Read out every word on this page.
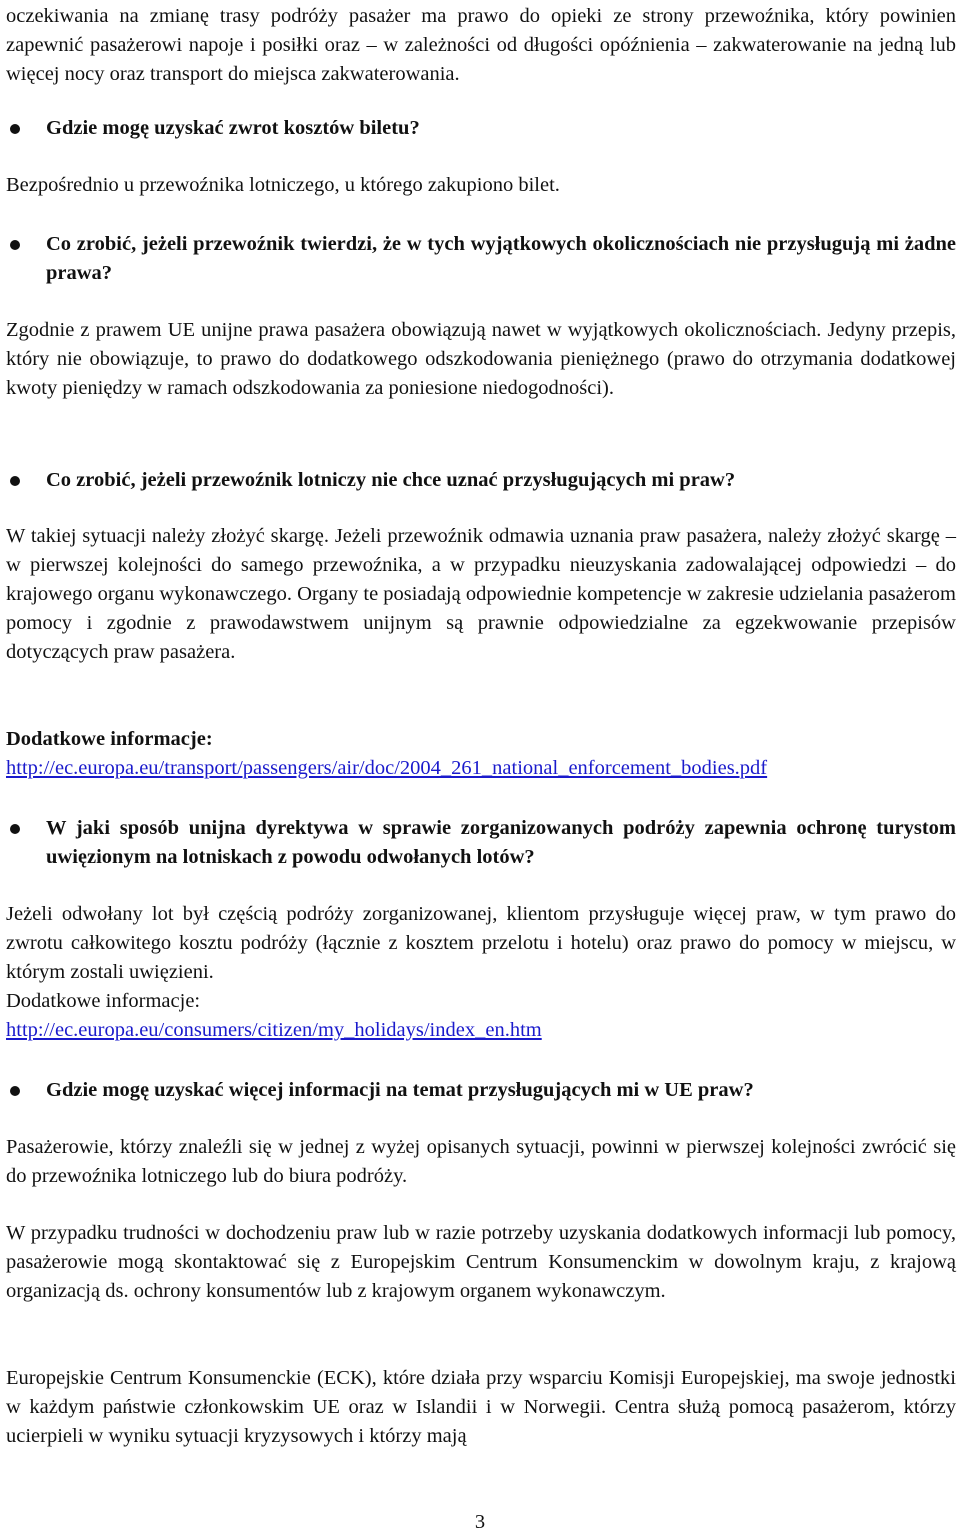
oczekiwania na zmianę trasy podróży pasażer ma prawo do opieki ze strony przewoźnika, który powinien zapewnić pasażerowi napoje i posiłki oraz – w zależności od długości opóźnienia – zakwaterowanie na jedną lub więcej nocy oraz transport do miejsca zakwaterowania.

Gdzie mogę uzyskać zwrot kosztów biletu?

Bezpośrednio u przewoźnika lotniczego, u którego zakupiono bilet.

Co zrobić, jeżeli przewoźnik twierdzi, że w tych wyjątkowych okolicznościach nie przysługują mi żadne prawa?

Zgodnie z prawem UE unijne prawa pasażera obowiązują nawet w wyjątkowych okolicznościach. Jedyny przepis, który nie obowiązuje, to prawo do dodatkowego odszkodowania pieniężnego (prawo do otrzymania dodatkowej kwoty pieniędzy w ramach odszkodowania za poniesione niedogodności).

Co zrobić, jeżeli przewoźnik lotniczy nie chce uznać przysługujących mi praw?

W takiej sytuacji należy złożyć skargę. Jeżeli przewoźnik odmawia uznania praw pasażera, należy złożyć skargę – w pierwszej kolejności do samego przewoźnika, a w przypadku nieuzyskania zadowalającej odpowiedzi – do krajowego organu wykonawczego. Organy te posiadają odpowiednie kompetencje w zakresie udzielania pasażerom pomocy i zgodnie z prawodawstwem unijnym są prawnie odpowiedzialne za egzekwowanie przepisów dotyczących praw pasażera.

Dodatkowe informacje:

http://ec.europa.eu/transport/passengers/air/doc/2004_261_national_enforcement_bodies.pdf

W jaki sposób unijna dyrektywa w sprawie zorganizowanych podróży zapewnia ochronę turystom uwięzionym na lotniskach z powodu odwołanych lotów?

Jeżeli odwołany lot był częścią podróży zorganizowanej, klientom przysługuje więcej praw, w tym prawo do zwrotu całkowitego kosztu podróży (łącznie z kosztem przelotu i hotelu) oraz prawo do pomocy w miejscu, w którym zostali uwięzieni.

Dodatkowe informacje:

http://ec.europa.eu/consumers/citizen/my_holidays/index_en.htm

Gdzie mogę uzyskać więcej informacji na temat przysługujących mi w UE praw?

Pasażerowie, którzy znaleźli się w jednej z wyżej opisanych sytuacji, powinni w pierwszej kolejności zwrócić się do przewoźnika lotniczego lub do biura podróży.

W przypadku trudności w dochodzeniu praw lub w razie potrzeby uzyskania dodatkowych informacji lub pomocy, pasażerowie mogą skontaktować się z Europejskim Centrum Konsumenckim w dowolnym kraju, z krajową organizacją ds. ochrony konsumentów lub z krajowym organem wykonawczym.

Europejskie Centrum Konsumenckie (ECK), które działa przy wsparciu Komisji Europejskiej, ma swoje jednostki w każdym państwie członkowskim UE oraz w Islandii i w Norwegii. Centra służą pomocą pasażerom, którzy ucierpieli w wyniku sytuacji kryzysowych i którzy mają

3
